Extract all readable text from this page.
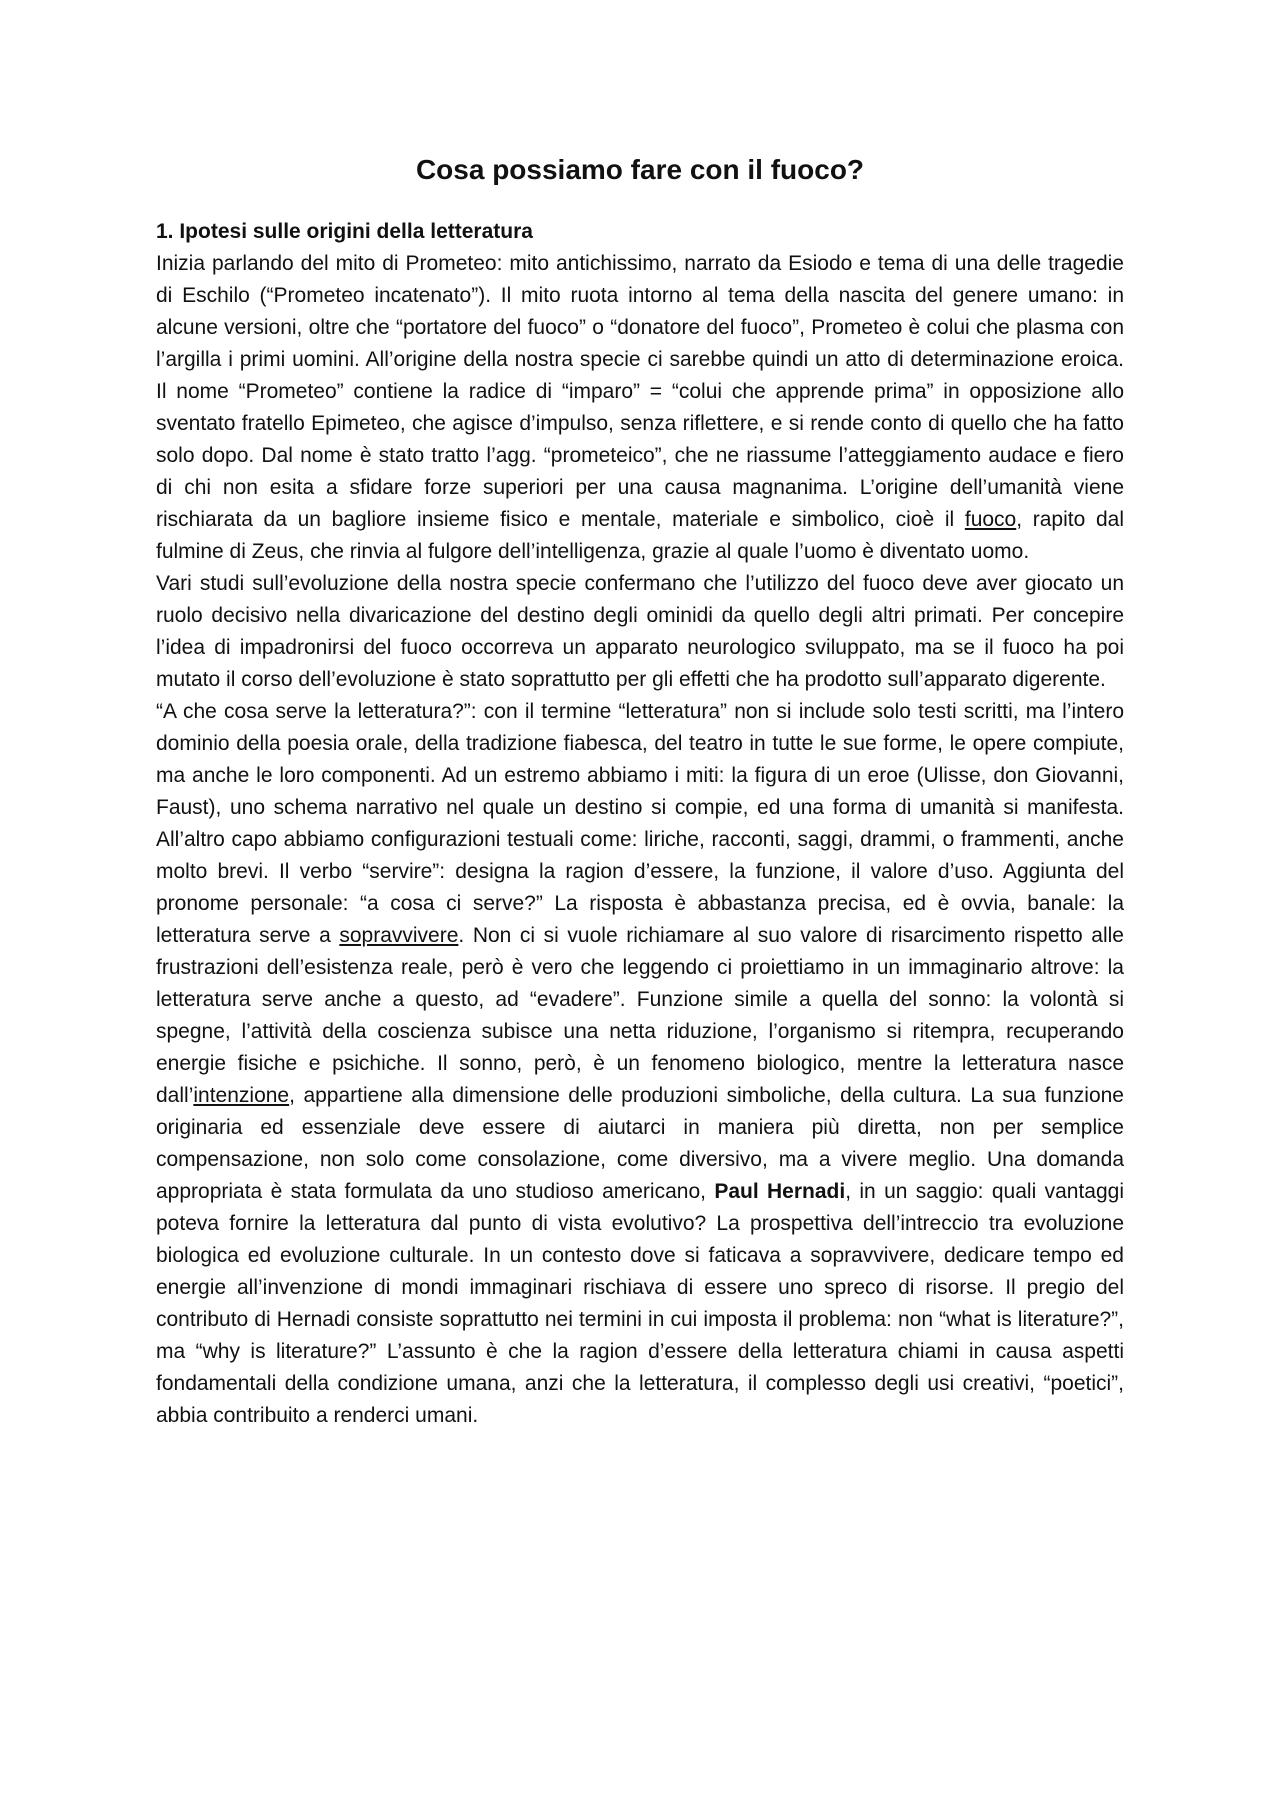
Cosa possiamo fare con il fuoco?
1. Ipotesi sulle origini della letteratura

Inizia parlando del mito di Prometeo: mito antichissimo, narrato da Esiodo e tema di una delle tragedie di Eschilo (“Prometeo incatenato”). Il mito ruota intorno al tema della nascita del genere umano: in alcune versioni, oltre che “portatore del fuoco” o “donatore del fuoco”, Prometeo è colui che plasma con l’argilla i primi uomini. All’origine della nostra specie ci sarebbe quindi un atto di determinazione eroica. Il nome “Prometeo” contiene la radice di “imparo” = “colui che apprende prima” in opposizione allo sventato fratello Epimeteo, che agisce d’impulso, senza riflettere, e si rende conto di quello che ha fatto solo dopo. Dal nome è stato tratto l’agg. “prometeico”, che ne riassume l’atteggiamento audace e fiero di chi non esita a sfidare forze superiori per una causa magnanima. L’origine dell’umanità viene rischiarata da un bagliore insieme fisico e mentale, materiale e simbolico, cioè il fuoco, rapito dal fulmine di Zeus, che rinvia al fulgore dell’intelligenza, grazie al quale l’uomo è diventato uomo.

Vari studi sull’evoluzione della nostra specie confermano che l’utilizzo del fuoco deve aver giocato un ruolo decisivo nella divaricazione del destino degli ominidi da quello degli altri primati. Per concepire l’idea di impadronirsi del fuoco occorreva un apparato neurologico sviluppato, ma se il fuoco ha poi mutato il corso dell’evoluzione è stato soprattutto per gli effetti che ha prodotto sull’apparato digerente.

“A che cosa serve la letteratura?”: con il termine “letteratura” non si include solo testi scritti, ma l’intero dominio della poesia orale, della tradizione fiabesca, del teatro in tutte le sue forme, le opere compiute, ma anche le loro componenti. Ad un estremo abbiamo i miti: la figura di un eroe (Ulisse, don Giovanni, Faust), uno schema narrativo nel quale un destino si compie, ed una forma di umanità si manifesta. All’altro capo abbiamo configurazioni testuali come: liriche, racconti, saggi, drammi, o frammenti, anche molto brevi. Il verbo “servire”: designa la ragion d’essere, la funzione, il valore d’uso. Aggiunta del pronome personale: “a cosa ci serve?” La risposta è abbastanza precisa, ed è ovvia, banale: la letteratura serve a sopravvivere. Non ci si vuole richiamare al suo valore di risarcimento rispetto alle frustrazioni dell’esistenza reale, però è vero che leggendo ci proiettiamo in un immaginario altrove: la letteratura serve anche a questo, ad “evadere”. Funzione simile a quella del sonno: la volontà si spegne, l’attività della coscienza subisce una netta riduzione, l’organismo si ritempra, recuperando energie fisiche e psichiche. Il sonno, però, è un fenomeno biologico, mentre la letteratura nasce dall’intenzione, appartiene alla dimensione delle produzioni simboliche, della cultura. La sua funzione originaria ed essenziale deve essere di aiutarci in maniera più diretta, non per semplice compensazione, non solo come consolazione, come diversivo, ma a vivere meglio. Una domanda appropriata è stata formulata da uno studioso americano, Paul Hernadi, in un saggio: quali vantaggi poteva fornire la letteratura dal punto di vista evolutivo? La prospettiva dell’intreccio tra evoluzione biologica ed evoluzione culturale. In un contesto dove si faticava a sopravvivere, dedicare tempo ed energie all’invenzione di mondi immaginari rischiava di essere uno spreco di risorse. Il pregio del contributo di Hernadi consiste soprattutto nei termini in cui imposta il problema: non “what is literature?”, ma “why is literature?” L’assunto è che la ragion d’essere della letteratura chiami in causa aspetti fondamentali della condizione umana, anzi che la letteratura, il complesso degli usi creativi, “poetici”, abbia contribuito a renderci umani.
